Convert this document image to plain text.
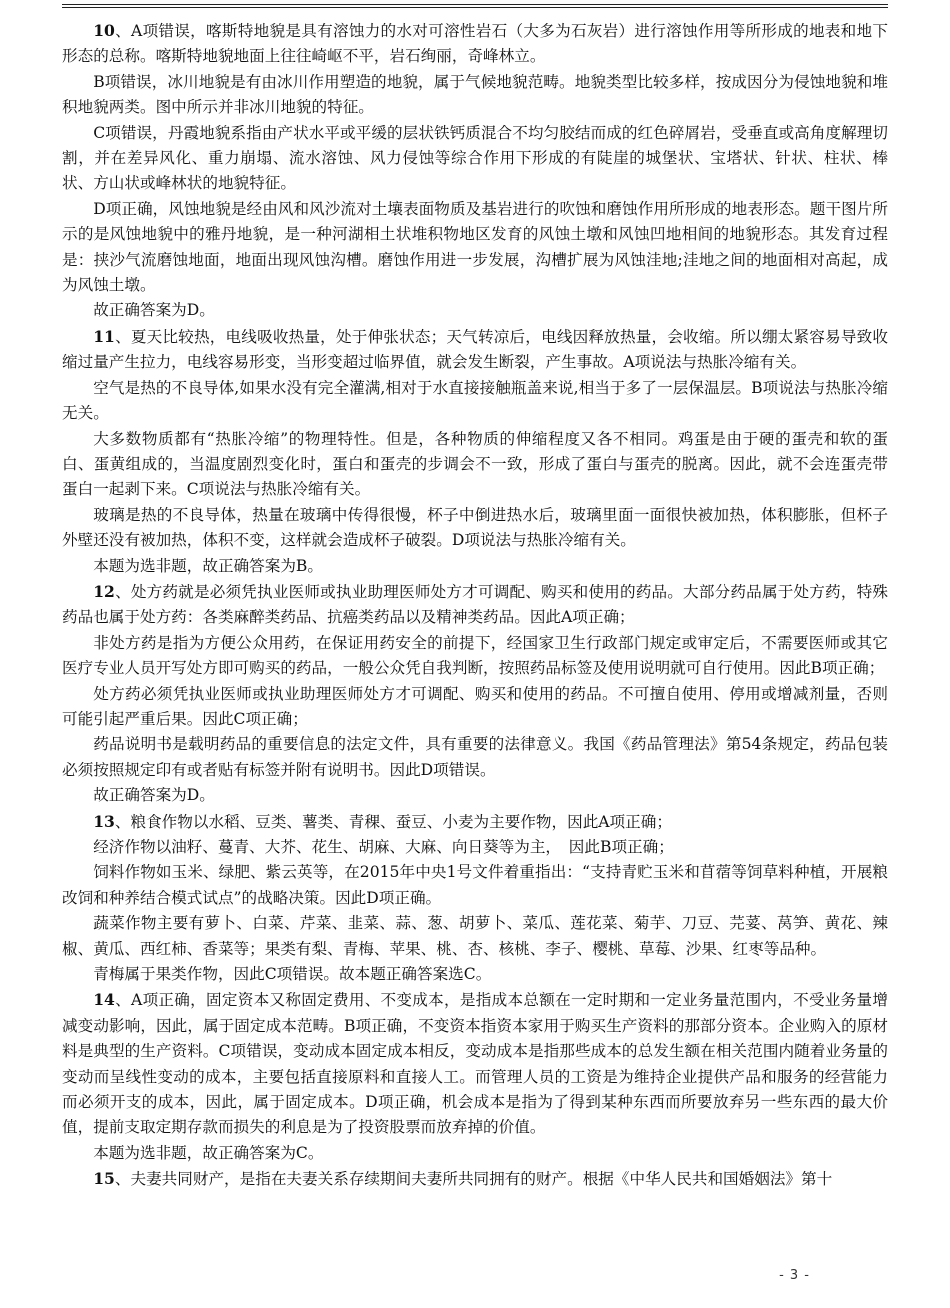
10、A项错误，喀斯特地貌是具有溶蚀力的水对可溶性岩石（大多为石灰岩）进行溶蚀作用等所形成的地表和地下形态的总称。喀斯特地貌地面上往往崎岖不平，岩石绚丽，奇峰林立。

B项错误，冰川地貌是有由冰川作用塑造的地貌，属于气候地貌范畴。地貌类型比较多样，按成因分为侵蚀地貌和堆积地貌两类。图中所示并非冰川地貌的特征。

C项错误，丹霞地貌系指由产状水平或平缓的层状铁钙质混合不均匀胶结而成的红色碎屑岩，受垂直或高角度解理切割，并在差异风化、重力崩塌、流水溶蚀、风力侵蚀等综合作用下形成的有陡崖的城堡状、宝塔状、针状、柱状、棒状、方山状或峰林状的地貌特征。

D项正确，风蚀地貌是经由风和风沙流对土壤表面物质及基岩进行的吹蚀和磨蚀作用所形成的地表形态。题干图片所示的是风蚀地貌中的雅丹地貌，是一种河湖相土状堆积物地区发育的风蚀土墩和风蚀凹地相间的地貌形态。其发育过程是：挟沙气流磨蚀地面，地面出现风蚀沟槽。磨蚀作用进一步发展，沟槽扩展为风蚀洼地;洼地之间的地面相对高起，成为风蚀土墩。

故正确答案为D。

11、夏天比较热，电线吸收热量，处于伸张状态；天气转凉后，电线因释放热量，会收缩。所以绷太紧容易导致收缩过量产生拉力，电线容易形变，当形变超过临界值，就会发生断裂，产生事故。A项说法与热胀冷缩有关。

空气是热的不良导体,如果水没有完全灌满,相对于水直接接触瓶盖来说,相当于多了一层保温层。B项说法与热胀冷缩无关。

大多数物质都有“热胀冷缩”的物理特性。但是，各种物质的伸缩程度又各不相同。鸡蛋是由于硬的蛋壳和软的蛋白、蛋黄组成的，当温度剧烈变化时，蛋白和蛋壳的步调会不一致，形成了蛋白与蛋壳的脱离。因此，就不会连蛋壳带蛋白一起剥下来。C项说法与热胀冷缩有关。

玻璃是热的不良导体，热量在玻璃中传得很慢，杯子中倒进热水后，玻璃里面一面很快被加热，体积膨胀，但杯子外壁还没有被加热，体积不变，这样就会造成杯子破裂。D项说法与热胀冷缩有关。

本题为选非题，故正确答案为B。

12、处方药就是必须凭执业医师或执业助理医师处方才可调配、购买和使用的药品。大部分药品属于处方药，特殊药品也属于处方药：各类麻醉类药品、抗癌类药品以及精神类药品。因此A项正确；

非处方药是指为方便公众用药，在保证用药安全的前提下，经国家卫生行政部门规定或审定后，不需要医师或其它医疗专业人员开写处方即可购买的药品，一般公众凭自我判断，按照药品标签及使用说明就可自行使用。因此B项正确；

处方药必须凭执业医师或执业助理医师处方才可调配、购买和使用的药品。不可擅自使用、停用或增减剂量，否则可能引起严重后果。因此C项正确；

药品说明书是载明药品的重要信息的法定文件，具有重要的法律意义。我国《药品管理法》第54条规定，药品包装必须按照规定印有或者贴有标签并附有说明书。因此D项错误。

故正确答案为D。

13、粮食作物以水稻、豆类、薯类、青稞、蚕豆、小麦为主要作物，因此A项正确；

经济作物以油籽、蔓青、大芥、花生、胡麻、大麻、向日葵等为主，　因此B项正确；

饲料作物如玉米、绿肥、紫云英等，在2015年中央1号文件着重指出：“支持青贮玉米和苜蓿等饲草料种植，开展粮改饲和种养结合模式试点”的战略决策。因此D项正确。

蔬菜作物主要有萝卜、白菜、芹菜、韭菜、蒜、葱、胡萝卜、菜瓜、莲花菜、菊芋、刀豆、芫荽、莴笋、黄花、辣椒、黄瓜、西红柿、香菜等；果类有梨、青梅、苹果、桃、杏、核桃、李子、樱桃、草莓、沙果、红枣等品种。

青梅属于果类作物，因此C项错误。故本题正确答案选C。

14、A项正确，固定资本又称固定费用、不变成本，是指成本总额在一定时期和一定业务量范围内，不受业务量增减变动影响，因此，属于固定成本范畴。B项正确，不变资本指资本家用于购买生产资料的那部分资本。企业购入的原材料是典型的生产资料。C项错误，变动成本固定成本相反，变动成本是指那些成本的总发生额在相关范围内随着业务量的变动而呈线性变动的成本，主要包括直接原料和直接人工。而管理人员的工资是为维持企业提供产品和服务的经营能力而必须开支的成本，因此，属于固定成本。D项正确，机会成本是指为了得到某种东西而所要放弃另一些东西的最大价值，提前支取定期存款而损失的利息是为了投资股票而放弃掉的价值。

本题为选非题，故正确答案为C。

15、夫妻共同财产，是指在夫妻关系存续期间夫妻所共同拥有的财产。根据《中华人民共和国婚姻法》第十

- 3 -
